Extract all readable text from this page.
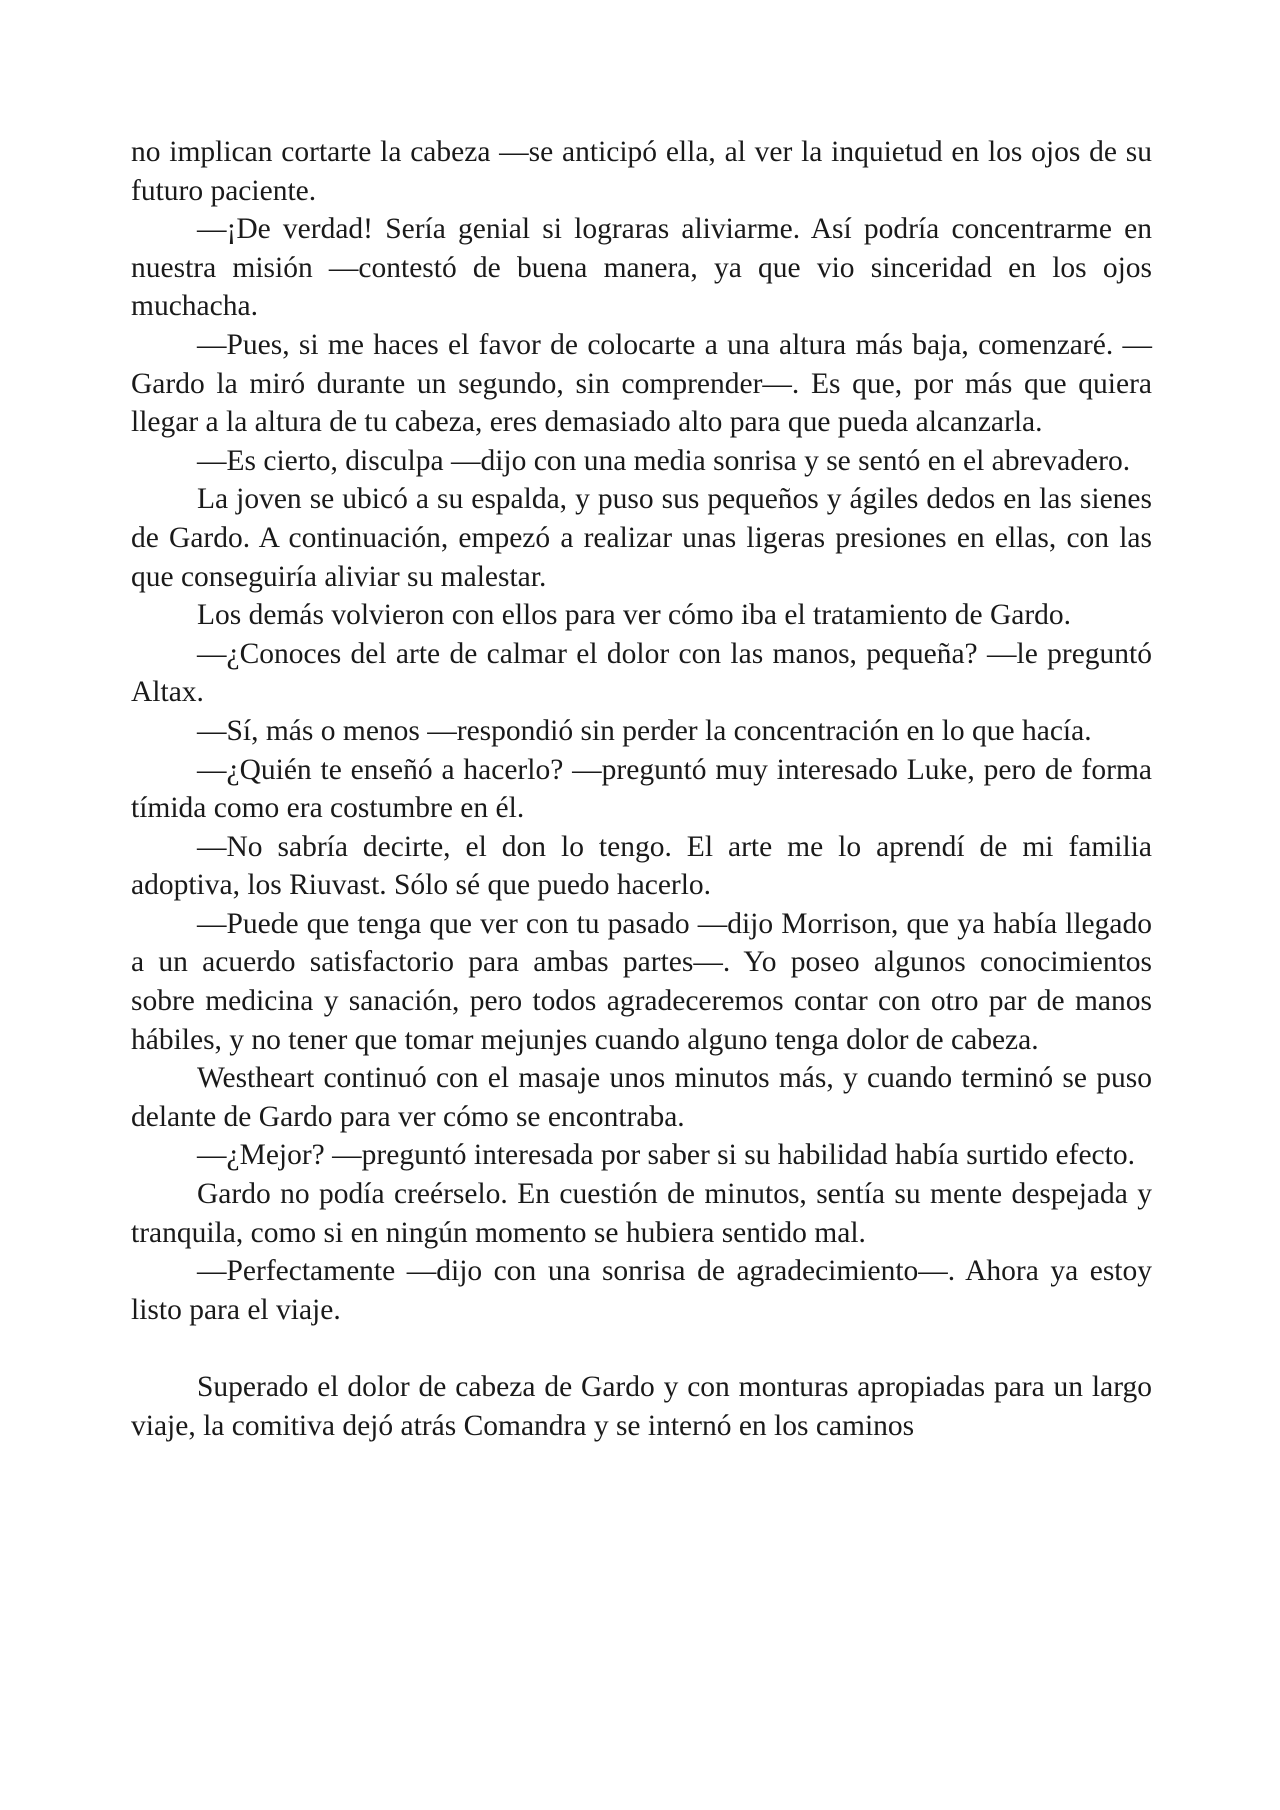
no implican cortarte la cabeza —se anticipó ella, al ver la inquietud en los ojos de su futuro paciente.

—¡De verdad! Sería genial si lograras aliviarme. Así podría concentrarme en nuestra misión —contestó de buena manera, ya que vio sinceridad en los ojos muchacha.

—Pues, si me haces el favor de colocarte a una altura más baja, comenzaré. —Gardo la miró durante un segundo, sin comprender—. Es que, por más que quiera llegar a la altura de tu cabeza, eres demasiado alto para que pueda alcanzarla.

—Es cierto, disculpa —dijo con una media sonrisa y se sentó en el abrevadero.

La joven se ubicó a su espalda, y puso sus pequeños y ágiles dedos en las sienes de Gardo. A continuación, empezó a realizar unas ligeras presiones en ellas, con las que conseguiría aliviar su malestar.

Los demás volvieron con ellos para ver cómo iba el tratamiento de Gardo.

—¿Conoces del arte de calmar el dolor con las manos, pequeña? —le preguntó Altax.

—Sí, más o menos —respondió sin perder la concentración en lo que hacía.

—¿Quién te enseñó a hacerlo? —preguntó muy interesado Luke, pero de forma tímida como era costumbre en él.

—No sabría decirte, el don lo tengo. El arte me lo aprendí de mi familia adoptiva, los Riuvast. Sólo sé que puedo hacerlo.

—Puede que tenga que ver con tu pasado —dijo Morrison, que ya había llegado a un acuerdo satisfactorio para ambas partes—. Yo poseo algunos conocimientos sobre medicina y sanación, pero todos agradeceremos contar con otro par de manos hábiles, y no tener que tomar mejunjes cuando alguno tenga dolor de cabeza.

Westheart continuó con el masaje unos minutos más, y cuando terminó se puso delante de Gardo para ver cómo se encontraba.

—¿Mejor? —preguntó interesada por saber si su habilidad había surtido efecto.

Gardo no podía creérselo. En cuestión de minutos, sentía su mente despejada y tranquila, como si en ningún momento se hubiera sentido mal.

—Perfectamente —dijo con una sonrisa de agradecimiento—. Ahora ya estoy listo para el viaje.

Superado el dolor de cabeza de Gardo y con monturas apropiadas para un largo viaje, la comitiva dejó atrás Comandra y se internó en los caminos
